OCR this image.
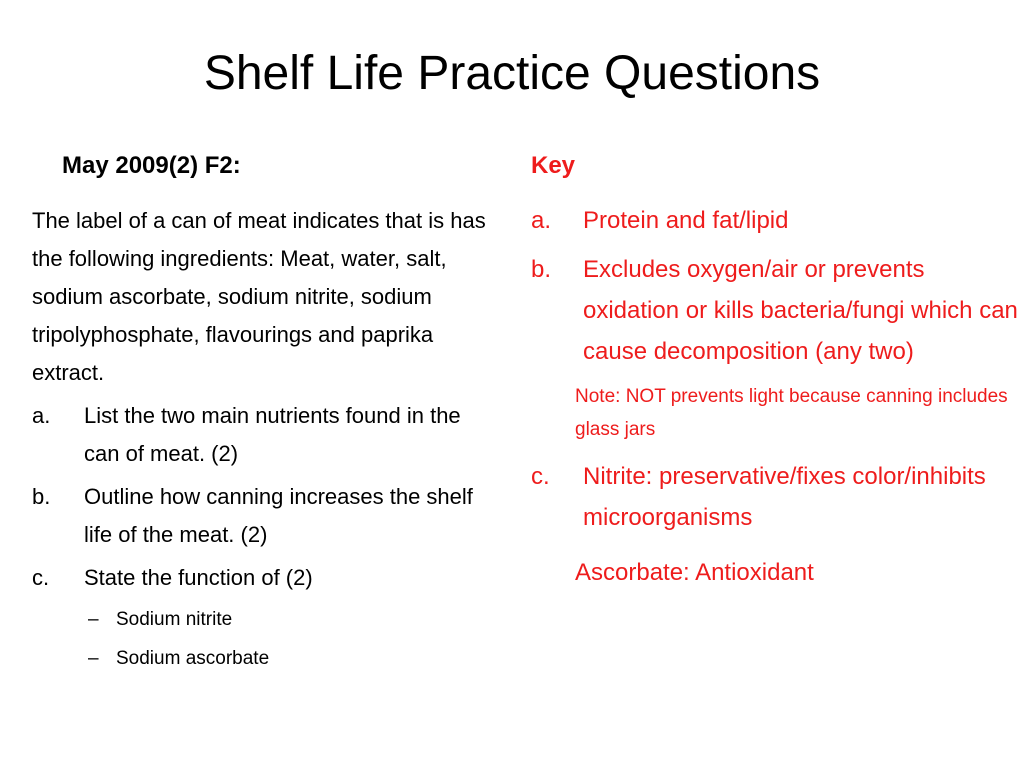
Shelf Life Practice Questions
May 2009(2) F2:
The label of a can of meat indicates that is has the following ingredients: Meat, water, salt, sodium ascorbate, sodium nitrite, sodium tripolyphosphate, flavourings and paprika extract.
a. List the two main nutrients found in the can of meat. (2)
b. Outline how canning increases the shelf life of the meat. (2)
c. State the function of (2)
– Sodium nitrite
– Sodium ascorbate
Key
a. Protein and fat/lipid
b. Excludes oxygen/air or prevents oxidation or kills bacteria/fungi which can cause decomposition (any two)
Note: NOT prevents light because canning includes glass jars
c. Nitrite: preservative/fixes color/inhibits microorganisms
Ascorbate: Antioxidant
